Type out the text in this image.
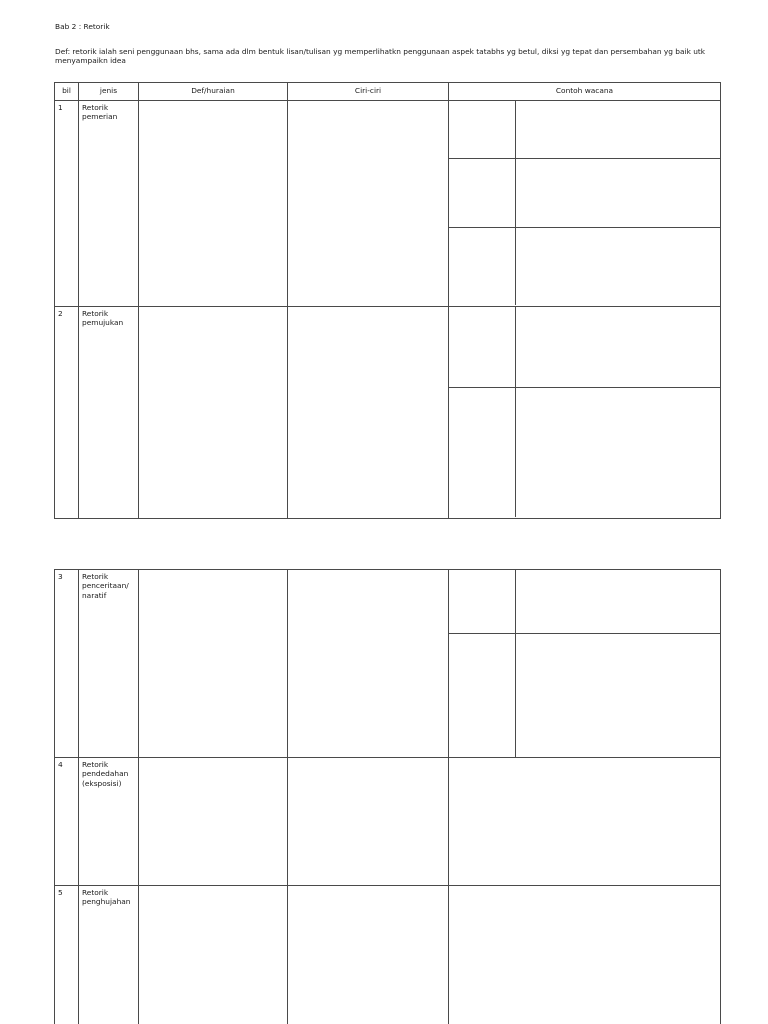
Bab 2 : Retorik
Def: retorik ialah seni penggunaan bhs, sama ada dlm bentuk lisan/tulisan yg memperlihatkn penggunaan aspek tatabhs yg betul, diksi yg tepat dan persembahan yg baik utk menyampaikn idea
bil	jenis	Def/huraian	Ciri-ciri	Contoh wacana
1	Retorik
pemerian			

2	Retorik
pemujukan			

3	Retorik
penceritaan/
naratif			

4	Retorik
pendedahan
(eksposisi)			
5	Retorik
penghujahan			
